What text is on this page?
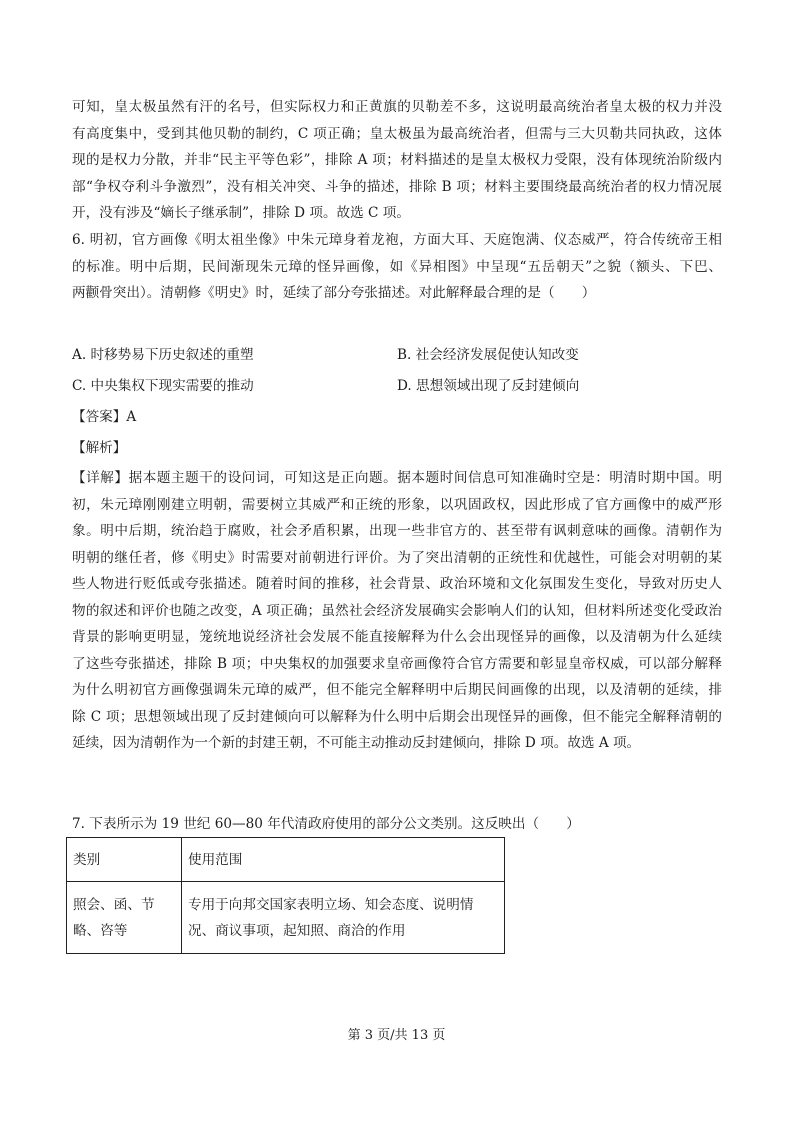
可知，皇太极虽然有汗的名号，但实际权力和正黄旗的贝勒差不多，这说明最高统治者皇太极的权力并没
有高度集中，受到其他贝勒的制约，C 项正确；皇太极虽为最高统治者，但需与三大贝勒共同执政，这体
现的是权力分散，并非“民主平等色彩”，排除 A 项；材料描述的是皇太极权力受限，没有体现统治阶级内
部“争权夺利斗争激烈”，没有相关冲突、斗争的描述，排除 B 项；材料主要围绕最高统治者的权力情况展
开，没有涉及“嫡长子继承制”，排除 D 项。故选 C 项。
6. 明初，官方画像《明太祖坐像》中朱元璋身着龙袍，方面大耳、天庭饱满、仪态威严，符合传统帝王相
的标准。明中后期，民间渐现朱元璋的怪异画像，如《异相图》中呈现“五岳朝天”之貌（额头、下巴、
两颧骨突出）。清朝修《明史》时，延续了部分夸张描述。对此解释最合理的是（　　）
A. 时移势易下历史叙述的重塑	B. 社会经济发展促使认知改变
C. 中央集权下现实需要的推动	D. 思想领域出现了反封建倾向
【答案】A
【解析】
【详解】据本题主题干的设问词，可知这是正向题。据本题时间信息可知准确时空是：明清时期中国。明
初，朱元璋刚刚建立明朝，需要树立其威严和正统的形象，以巩固政权，因此形成了官方画像中的威严形
象。明中后期，统治趋于腐败，社会矛盾积累，出现一些非官方的、甚至带有讽刺意味的画像。清朝作为
明朝的继任者，修《明史》时需要对前朝进行评价。为了突出清朝的正统性和优越性，可能会对明朝的某
些人物进行贬低或夸张描述。随着时间的推移，社会背景、政治环境和文化氛围发生变化，导致对历史人
物的叙述和评价也随之改变，A 项正确；虽然社会经济发展确实会影响人们的认知，但材料所述变化受政治
背景的影响更明显，笼统地说经济社会发展不能直接解释为什么会出现怪异的画像，以及清朝为什么延续
了这些夸张描述，排除 B 项；中央集权的加强要求皇帝画像符合官方需要和彰显皇帝权威，可以部分解释
为什么明初官方画像强调朱元璋的威严，但不能完全解释明中后期民间画像的出现，以及清朝的延续，排
除 C 项；思想领域出现了反封建倾向可以解释为什么明中后期会出现怪异的画像，但不能完全解释清朝的
延续，因为清朝作为一个新的封建王朝，不可能主动推动反封建倾向，排除 D 项。故选 A 项。
7. 下表所示为 19 世纪 60—80 年代清政府使用的部分公文类别。这反映出（　　）
类别	使用范围
照会、函、节略、咨等	专用于向邦交国家表明立场、知会态度、说明情况、商议事项，起知照、商洽的作用
第 3 页/共 13 页
